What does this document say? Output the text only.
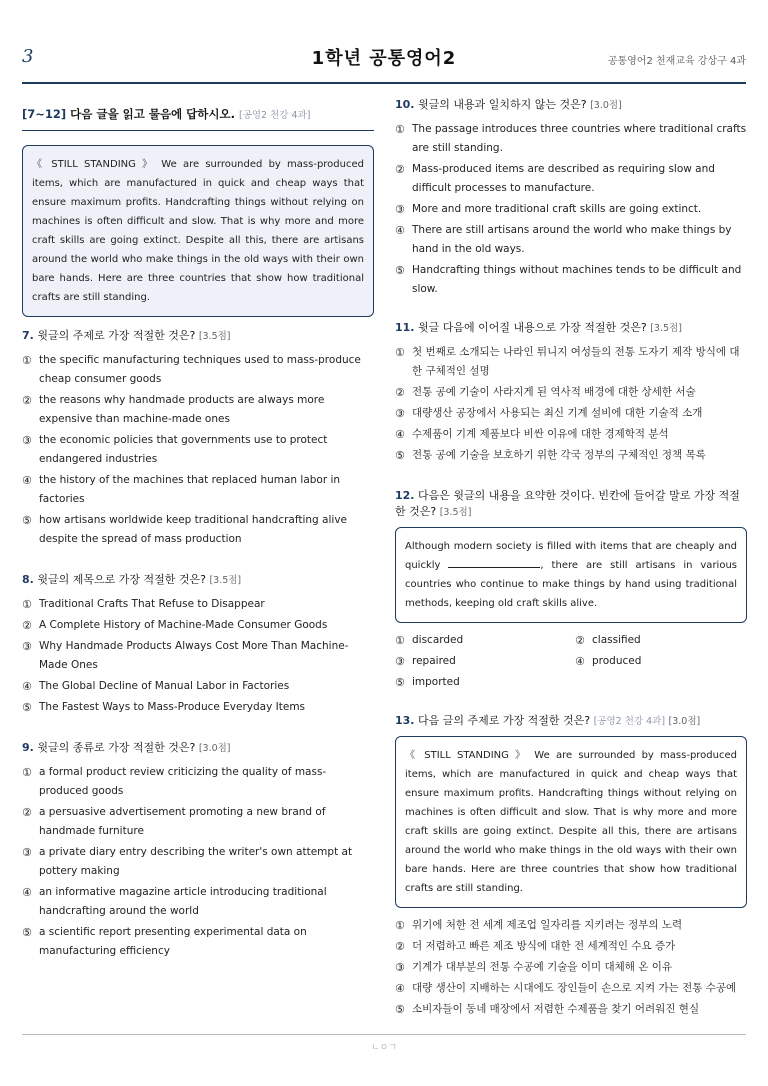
3	1학년 공통영어2	공통영어2 천재교육 강상구 4과
[7~12] 다음 글을 읽고 물음에 답하시오. [공영2 천강 4과]
《 STILL STANDING 》 We are surrounded by mass-produced items, which are manufactured in quick and cheap ways that ensure maximum profits. Handcrafting things without relying on machines is often difficult and slow. That is why more and more craft skills are going extinct. Despite all this, there are artisans around the world who make things in the old ways with their own bare hands. Here are three countries that show how traditional crafts are still standing.
7. 윗글의 주제로 가장 적절한 것은? [3.5점]
① the specific manufacturing techniques used to mass-produce cheap consumer goods
② the reasons why handmade products are always more expensive than machine-made ones
③ the economic policies that governments use to protect endangered industries
④ the history of the machines that replaced human labor in factories
⑤ how artisans worldwide keep traditional handcrafting alive despite the spread of mass production
8. 윗글의 제목으로 가장 적절한 것은? [3.5점]
① Traditional Crafts That Refuse to Disappear
② A Complete History of Machine-Made Consumer Goods
③ Why Handmade Products Always Cost More Than Machine-Made Ones
④ The Global Decline of Manual Labor in Factories
⑤ The Fastest Ways to Mass-Produce Everyday Items
9. 윗글의 종류로 가장 적절한 것은? [3.0점]
① a formal product review criticizing the quality of mass-produced goods
② a persuasive advertisement promoting a new brand of handmade furniture
③ a private diary entry describing the writer's own attempt at pottery making
④ an informative magazine article introducing traditional handcrafting around the world
⑤ a scientific report presenting experimental data on manufacturing efficiency
10. 윗글의 내용과 일치하지 않는 것은? [3.0점]
① The passage introduces three countries where traditional crafts are still standing.
② Mass-produced items are described as requiring slow and difficult processes to manufacture.
③ More and more traditional craft skills are going extinct.
④ There are still artisans around the world who make things by hand in the old ways.
⑤ Handcrafting things without machines tends to be difficult and slow.
11. 윗글 다음에 이어질 내용으로 가장 적절한 것은? [3.5점]
① 첫 번째로 소개되는 나라인 튀니지 여성들의 전통 도자기 제작 방식에 대한 구체적인 설명
② 전통 공예 기술이 사라지게 된 역사적 배경에 대한 상세한 서술
③ 대량생산 공장에서 사용되는 최신 기계 설비에 대한 기술적 소개
④ 수제품이 기계 제품보다 비싼 이유에 대한 경제학적 분석
⑤ 전통 공예 기술을 보호하기 위한 각국 정부의 구체적인 정책 목록
12. 다음은 윗글의 내용을 요약한 것이다. 빈칸에 들어갈 말로 가장 적절한 것은? [3.5점]
Although modern society is filled with items that are cheaply and quickly	, there are still artisans in various countries who continue to make things by hand using traditional methods, keeping old craft skills alive.
① discarded	② classified
③ repaired	④ produced
⑤ imported
13. 다음 글의 주제로 가장 적절한 것은? [공영2 천강 4과] [3.0점]
《 STILL STANDING 》 We are surrounded by mass-produced items, which are manufactured in quick and cheap ways that ensure maximum profits. Handcrafting things without relying on machines is often difficult and slow. That is why more and more craft skills are going extinct. Despite all this, there are artisans around the world who make things in the old ways with their own bare hands. Here are three countries that show how traditional crafts are still standing.
① 위기에 처한 전 세계 제조업 일자리를 지키려는 정부의 노력
② 더 저렴하고 빠른 제조 방식에 대한 전 세계적인 수요 증가
③ 기계가 대부분의 전통 수공예 기술을 이미 대체해 온 이유
④ 대량 생산이 지배하는 시대에도 장인들이 손으로 지켜 가는 전통 수공예
⑤ 소비자들이 동네 매장에서 저렴한 수제품을 찾기 어려워진 현실
ㄴㅇㄱ
